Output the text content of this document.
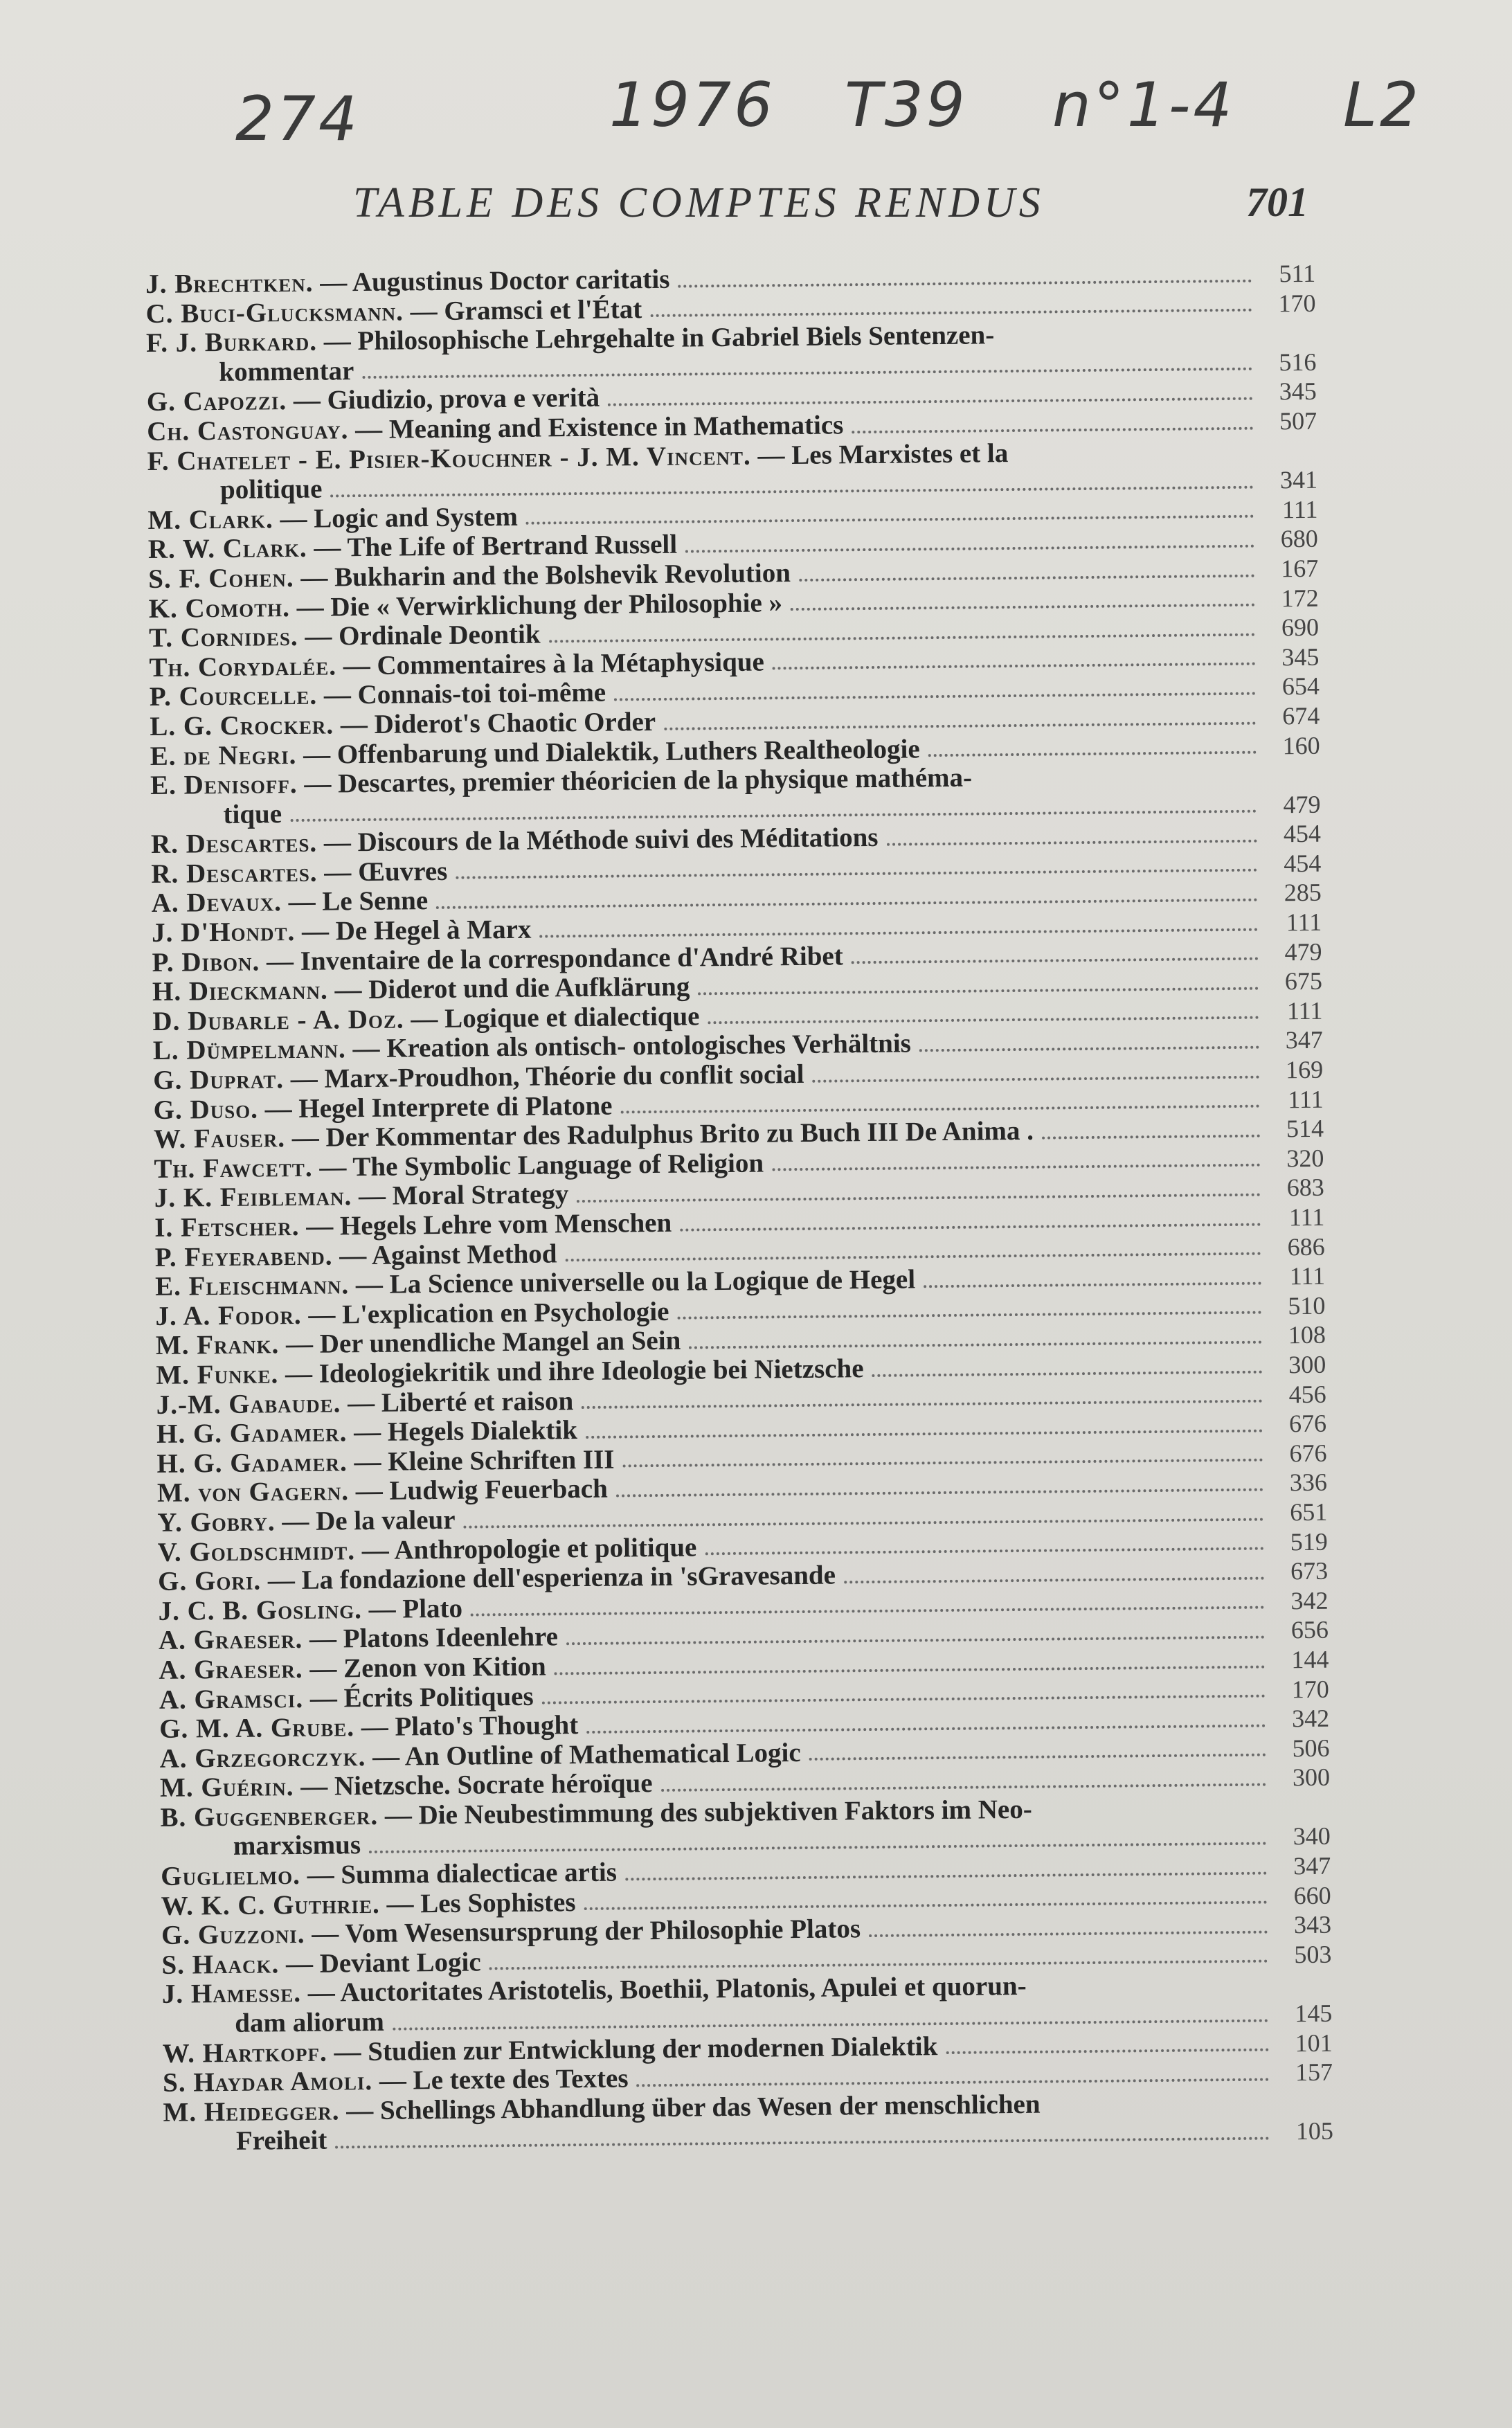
274	1976 T39 n°1-4 L2
TABLE DES COMPTES RENDUS	701
J. Brechtken. — Augustinus Doctor caritatis	511
C. Buci-Glucksmann. — Gramsci et l'État	170
F. J. Burkard. — Philosophische Lehrgehalte in Gabriel Biels Sentenzen-
kommentar	516
G. Capozzi. — Giudizio, prova e verità	345
Ch. Castonguay. — Meaning and Existence in Mathematics	507
F. Chatelet - E. Pisier-Kouchner - J. M. Vincent. — Les Marxistes et la
politique	341
M. Clark. — Logic and System	111
R. W. Clark. — The Life of Bertrand Russell	680
S. F. Cohen. — Bukharin and the Bolshevik Revolution	167
K. Comoth. — Die « Verwirklichung der Philosophie »	172
T. Cornides. — Ordinale Deontik	690
Th. Corydalée. — Commentaires à la Métaphysique	345
P. Courcelle. — Connais-toi toi-même	654
L. G. Crocker. — Diderot's Chaotic Order	674
E. de Negri. — Offenbarung und Dialektik, Luthers Realtheologie	160
E. Denisoff. — Descartes, premier théoricien de la physique mathéma-
tique	479
R. Descartes. — Discours de la Méthode suivi des Méditations	454
R. Descartes. — Œuvres	454
A. Devaux. — Le Senne	285
J. D'Hondt. — De Hegel à Marx	111
P. Dibon. — Inventaire de la correspondance d'André Ribet	479
H. Dieckmann. — Diderot und die Aufklärung	675
D. Dubarle - A. Doz. — Logique et dialectique	111
L. Dümpelmann. — Kreation als ontisch- ontologisches Verhältnis	347
G. Duprat. — Marx-Proudhon, Théorie du conflit social	169
G. Duso. — Hegel Interprete di Platone	111
W. Fauser. — Der Kommentar des Radulphus Brito zu Buch III De Anima .	514
Th. Fawcett. — The Symbolic Language of Religion	320
J. K. Feibleman. — Moral Strategy	683
I. Fetscher. — Hegels Lehre vom Menschen	111
P. Feyerabend. — Against Method	686
E. Fleischmann. — La Science universelle ou la Logique de Hegel	111
J. A. Fodor. — L'explication en Psychologie	510
M. Frank. — Der unendliche Mangel an Sein	108
M. Funke. — Ideologiekritik und ihre Ideologie bei Nietzsche	300
J.-M. Gabaude. — Liberté et raison	456
H. G. Gadamer. — Hegels Dialektik	676
H. G. Gadamer. — Kleine Schriften III	676
M. von Gagern. — Ludwig Feuerbach	336
Y. Gobry. — De la valeur	651
V. Goldschmidt. — Anthropologie et politique	519
G. Gori. — La fondazione dell'esperienza in 'sGravesande	673
J. C. B. Gosling. — Plato	342
A. Graeser. — Platons Ideenlehre	656
A. Graeser. — Zenon von Kition	144
A. Gramsci. — Écrits Politiques	170
G. M. A. Grube. — Plato's Thought	342
A. Grzegorczyk. — An Outline of Mathematical Logic	506
M. Guérin. — Nietzsche. Socrate héroïque	300
B. Guggenberger. — Die Neubestimmung des subjektiven Faktors im Neo-
marxismus	340
Guglielmo. — Summa dialecticae artis	347
W. K. C. Guthrie. — Les Sophistes	660
G. Guzzoni. — Vom Wesensursprung der Philosophie Platos	343
S. Haack. — Deviant Logic	503
J. Hamesse. — Auctoritates Aristotelis, Boethii, Platonis, Apulei et quorun-
dam aliorum	145
W. Hartkopf. — Studien zur Entwicklung der modernen Dialektik	101
S. Haydar Amoli. — Le texte des Textes	157
M. Heidegger. — Schellings Abhandlung über das Wesen der menschlichen
Freiheit	105
